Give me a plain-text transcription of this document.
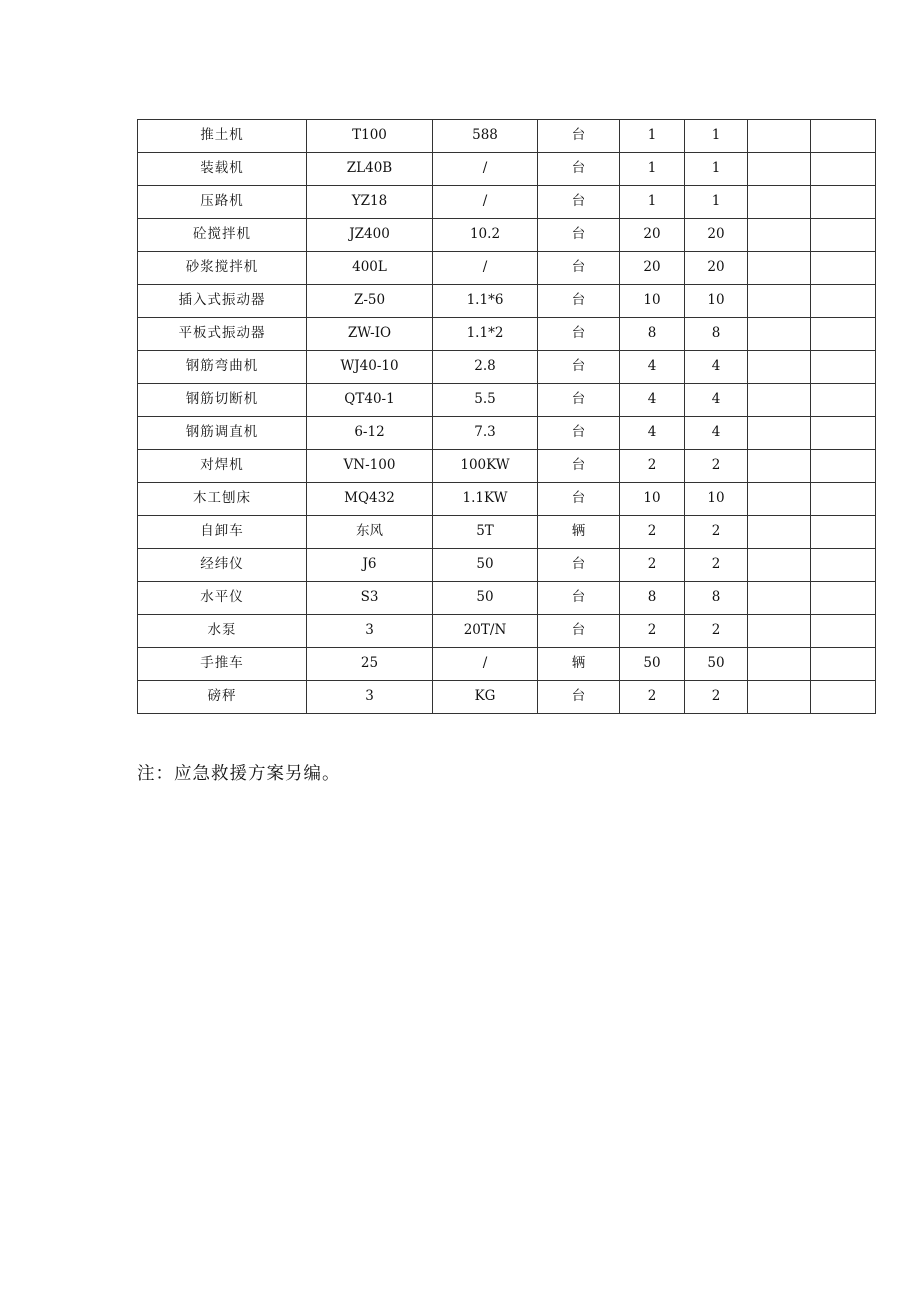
推土机	T100	588	台	1	1		
装载机	ZL40B	/	台	1	1		
压路机	YZ18	/	台	1	1		
砼搅拌机	JZ400	10.2	台	20	20		
砂浆搅拌机	400L	/	台	20	20		
插入式振动器	Z-50	1.1*6	台	10	10		
平板式振动器	ZW-IO	1.1*2	台	8	8		
钢筋弯曲机	WJ40-10	2.8	台	4	4		
钢筋切断机	QT40-1	5.5	台	4	4		
钢筋调直机	6-12	7.3	台	4	4		
对焊机	VN-100	100KW	台	2	2		
木工刨床	MQ432	1.1KW	台	10	10		
自卸车	东风	5T	辆	2	2		
经纬仪	J6	50	台	2	2		
水平仪	S3	50	台	8	8		
水泵	3	20T/N	台	2	2		
手推车	25	/	辆	50	50		
磅秤	3	KG	台	2	2		

注：应急救援方案另编。
